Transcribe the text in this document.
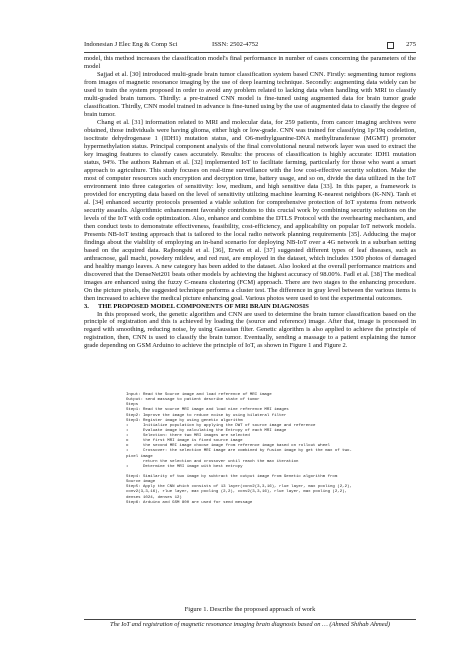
Indonesian J Elec Eng & Comp Sci	ISSN: 2502-4752	275

model, this method increases the classification model's final performance in number of cases concerning the parameters of the model

Sajjad et al. [30] introduced multi-grade brain tumor classification system based CNN. Firstly: segmenting tumor regions from images of magnetic resonance imaging by the use of deep learning technique. Secondly: augmenting data widely can be used to train the system proposed in order to avoid any problem related to lacking data when handling with MRI to classify multi-graded brain tumors. Thirdly: a pre-trained CNN model is fine-tuned using augmented data for brain tumor grade classification. Thirdly, CNN model trained in advance is fine-tuned using by the use of augmented data to classify the degree of brain tumor.

Chang et al. [31] information related to MRI and molecular data, for 259 patients, from cancer imaging archives were obtained, those individuals were having glioma, either high or low-grade. CNN was trained for classifying 1p/19q codeletion, isocitrate dehydrogenase 1 (IDH1) mutation status, and O6-methylguanine-DNA methyltransferase (MGMT) promoter hypermethylation status. Principal component analysis of the final convolutional neural network layer was used to extract the key imaging features to classify cases accurately. Results: the process of classification is highly accurate: IDH1 mutation status, 94%. The authors Rahman et al. [32] implemented IoT to facilitate farming, particularly for those who want a smart approach to agriculture. This study focuses on real-time surveillance with the low cost-effective security solution. Make the most of computer resources such encryption and decryption time, battery usage, and so on, divide the data utilized in the IoT environment into three categories of sensitivity: low, medium, and high sensitive data [33]. In this paper, a framework is provided for encrypting data based on the level of sensitivity utilizing machine learning K-nearest neighbors (K-NN). Tanh et al. [34] enhanced security protocols presented a viable solution for comprehensive protection of IoT systems from network security assaults. Algorithmic enhancement favorably contributes to this crucial work by combining security solutions on the levels of the IoT with code optimization. Also, enhance and combine the DTLS Protocol with the overhearing mechanism, and then conduct tests to demonstrate effectiveness, feasibility, cost-efficiency, and applicability on popular IoT network models. Presents NB-IoT testing approach that is tailored to the local radio network planning requirements [35]. Adducing the major findings about the viability of employing an in-band scenario for deploying NB-IoT over a 4G network in a suburban setting based on the acquired data. Rajbongshi et al. [36], Erwin et al. [37] suggested different types of leaf diseases, such as anthracnose, gall machi, powdery mildew, and red rust, are employed in the dataset, which includes 1500 photos of damaged and healthy mango leaves. A new category has been added to the dataset. Also looked at the overall performance matrices and discovered that the DenseNet201 beats other models by achieving the highest accuracy of 98.00%. Fadl et al. [38] The medical images are enhanced using the fuzzy C-means clustering (FCM) approach. There are two stages to the enhancing procedure. On the picture pixels, the suggested technique performs a cluster test. The difference in gray level between the various items is then increased to achieve the medical picture enhancing goal. Various photos were used to test the experimental outcomes.

3. THE PROPOSED MODEL COMPONENTS OF MRI BRAIN DIAGNOSIS

In this proposed work, the genetic algorithm and CNN are used to determine the brain tumor classification based on the principle of registration and this is achieved by loading the (source and reference) image. After that, image is processed in regard with smoothing, reducing noise, by using Gaussian filter. Genetic algorithm is also applied to achieve the principle of registration, then, CNN is used to classify the brain tumor. Eventually, sending a massage to a patient explaining the tumor grade depending on GSM Arduino to achieve the principle of IoT, as shown in Figure 1 and Figure 2.

Input: Read the Source image and load reference of MRI image
Output: send massage to patient describe state of tumor
Steps
Step1: Read the source MRI image and load nine reference MRI images
Step2: Improve the image to reduce noise by using bilateral filter
Step3: Register image by using genetic algorithm
•      Initialize population by applying the DWT of source image and reference
•      Evaluate image by calculating the Entropy of each MRI image
•      Selection: there two MRI images are selected
o      the first MRI image is fixed source image
o      the second MRI image choose image from reference image based on rollout wheel
•      Crossover: the selection MRI image are combined by fusion image by get the max of two-pixel image
return the selection and crossover until reach the max iteration
•      Determine the MRI image with best entropy

Step4: Similarity of two image by subtract the output image from Genetic algorithm from Source image
Step5: Apply the CNN which consists of 13 layer(conv2(3,3,16), rlue layer, max pooling (2,2), conv2(3,3,16), rlue layer, max pooling (2,2), conv2(3,3,16), rlue layer, max pooling (2,2), denses 1024, denses 12)
Step6: Arduino and GSM 800 are used for send message
Figure 1. Describe the proposed approach of work
The IoT and registration of magnetic resonance imaging brain diagnosis based on … (Ahmed Shihab Ahmed)
